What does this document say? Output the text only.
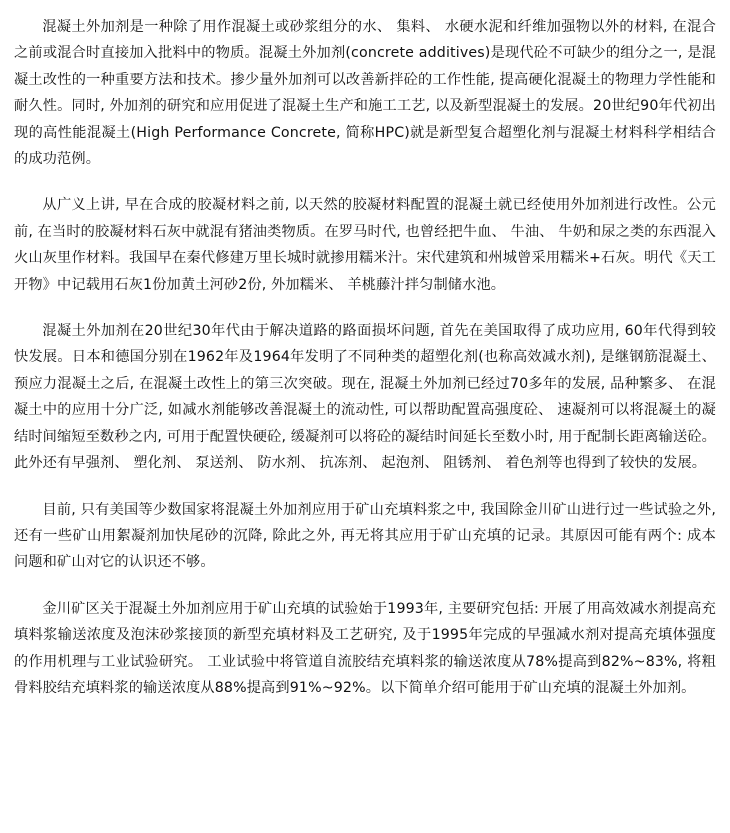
混凝土外加剂是一种除了用作混凝土或砂浆组分的水、 集料、 水硬水泥和纤维加强物以外的材料, 在混合之前或混合时直接加入批料中的物质。混凝土外加剂(concrete additives)是现代砼不可缺少的组分之一, 是混凝土改性的一种重要方法和技术。掺少量外加剂可以改善新拌砼的工作性能, 提高硬化混凝土的物理力学性能和耐久性。同时, 外加剂的研究和应用促进了混凝土生产和施工工艺, 以及新型混凝土的发展。20世纪90年代初出现的高性能混凝土(High Performance Concrete, 简称HPC)就是新型复合超塑化剂与混凝土材料科学相结合的成功范例。

从广义上讲, 早在合成的胶凝材料之前, 以天然的胶凝材料配置的混凝土就已经使用外加剂进行改性。公元前, 在当时的胶凝材料石灰中就混有猪油类物质。在罗马时代, 也曾经把牛血、 牛油、 牛奶和尿之类的东西混入火山灰里作材料。我国早在秦代修建万里长城时就掺用糯米汁。宋代建筑和州城曾采用糯米+石灰。明代《天工开物》中记载用石灰1份加黄土河砂2份, 外加糯米、 羊桃藤汁拌匀制储水池。

混凝土外加剂在20世纪30年代由于解决道路的路面损坏问题, 首先在美国取得了成功应用, 60年代得到较快发展。日本和德国分别在1962年及1964年发明了不同种类的超塑化剂(也称高效减水剂), 是继钢筋混凝土、 预应力混凝土之后, 在混凝土改性上的第三次突破。现在, 混凝土外加剂已经过70多年的发展, 品种繁多、 在混凝土中的应用十分广泛, 如减水剂能够改善混凝土的流动性, 可以帮助配置高强度砼、 速凝剂可以将混凝土的凝结时间缩短至数秒之内, 可用于配置快硬砼, 缓凝剂可以将砼的凝结时间延长至数小时, 用于配制长距离输送砼。此外还有早强剂、 塑化剂、 泵送剂、 防水剂、 抗冻剂、 起泡剂、 阻锈剂、 着色剂等也得到了较快的发展。

目前, 只有美国等少数国家将混凝土外加剂应用于矿山充填料浆之中, 我国除金川矿山进行过一些试验之外, 还有一些矿山用絮凝剂加快尾砂的沉降, 除此之外, 再无将其应用于矿山充填的记录。其原因可能有两个: 成本问题和矿山对它的认识还不够。

金川矿区关于混凝土外加剂应用于矿山充填的试验始于1993年, 主要研究包括: 开展了用高效减水剂提高充填料浆输送浓度及泡沫砂浆接顶的新型充填材料及工艺研究, 及于1995年完成的早强减水剂对提高充填体强度的作用机理与工业试验研究。 工业试验中将管道自流胶结充填料浆的输送浓度从78%提高到82%~83%, 将粗骨料胶结充填料浆的输送浓度从88%提高到91%~92%。以下简单介绍可能用于矿山充填的混凝土外加剂。
